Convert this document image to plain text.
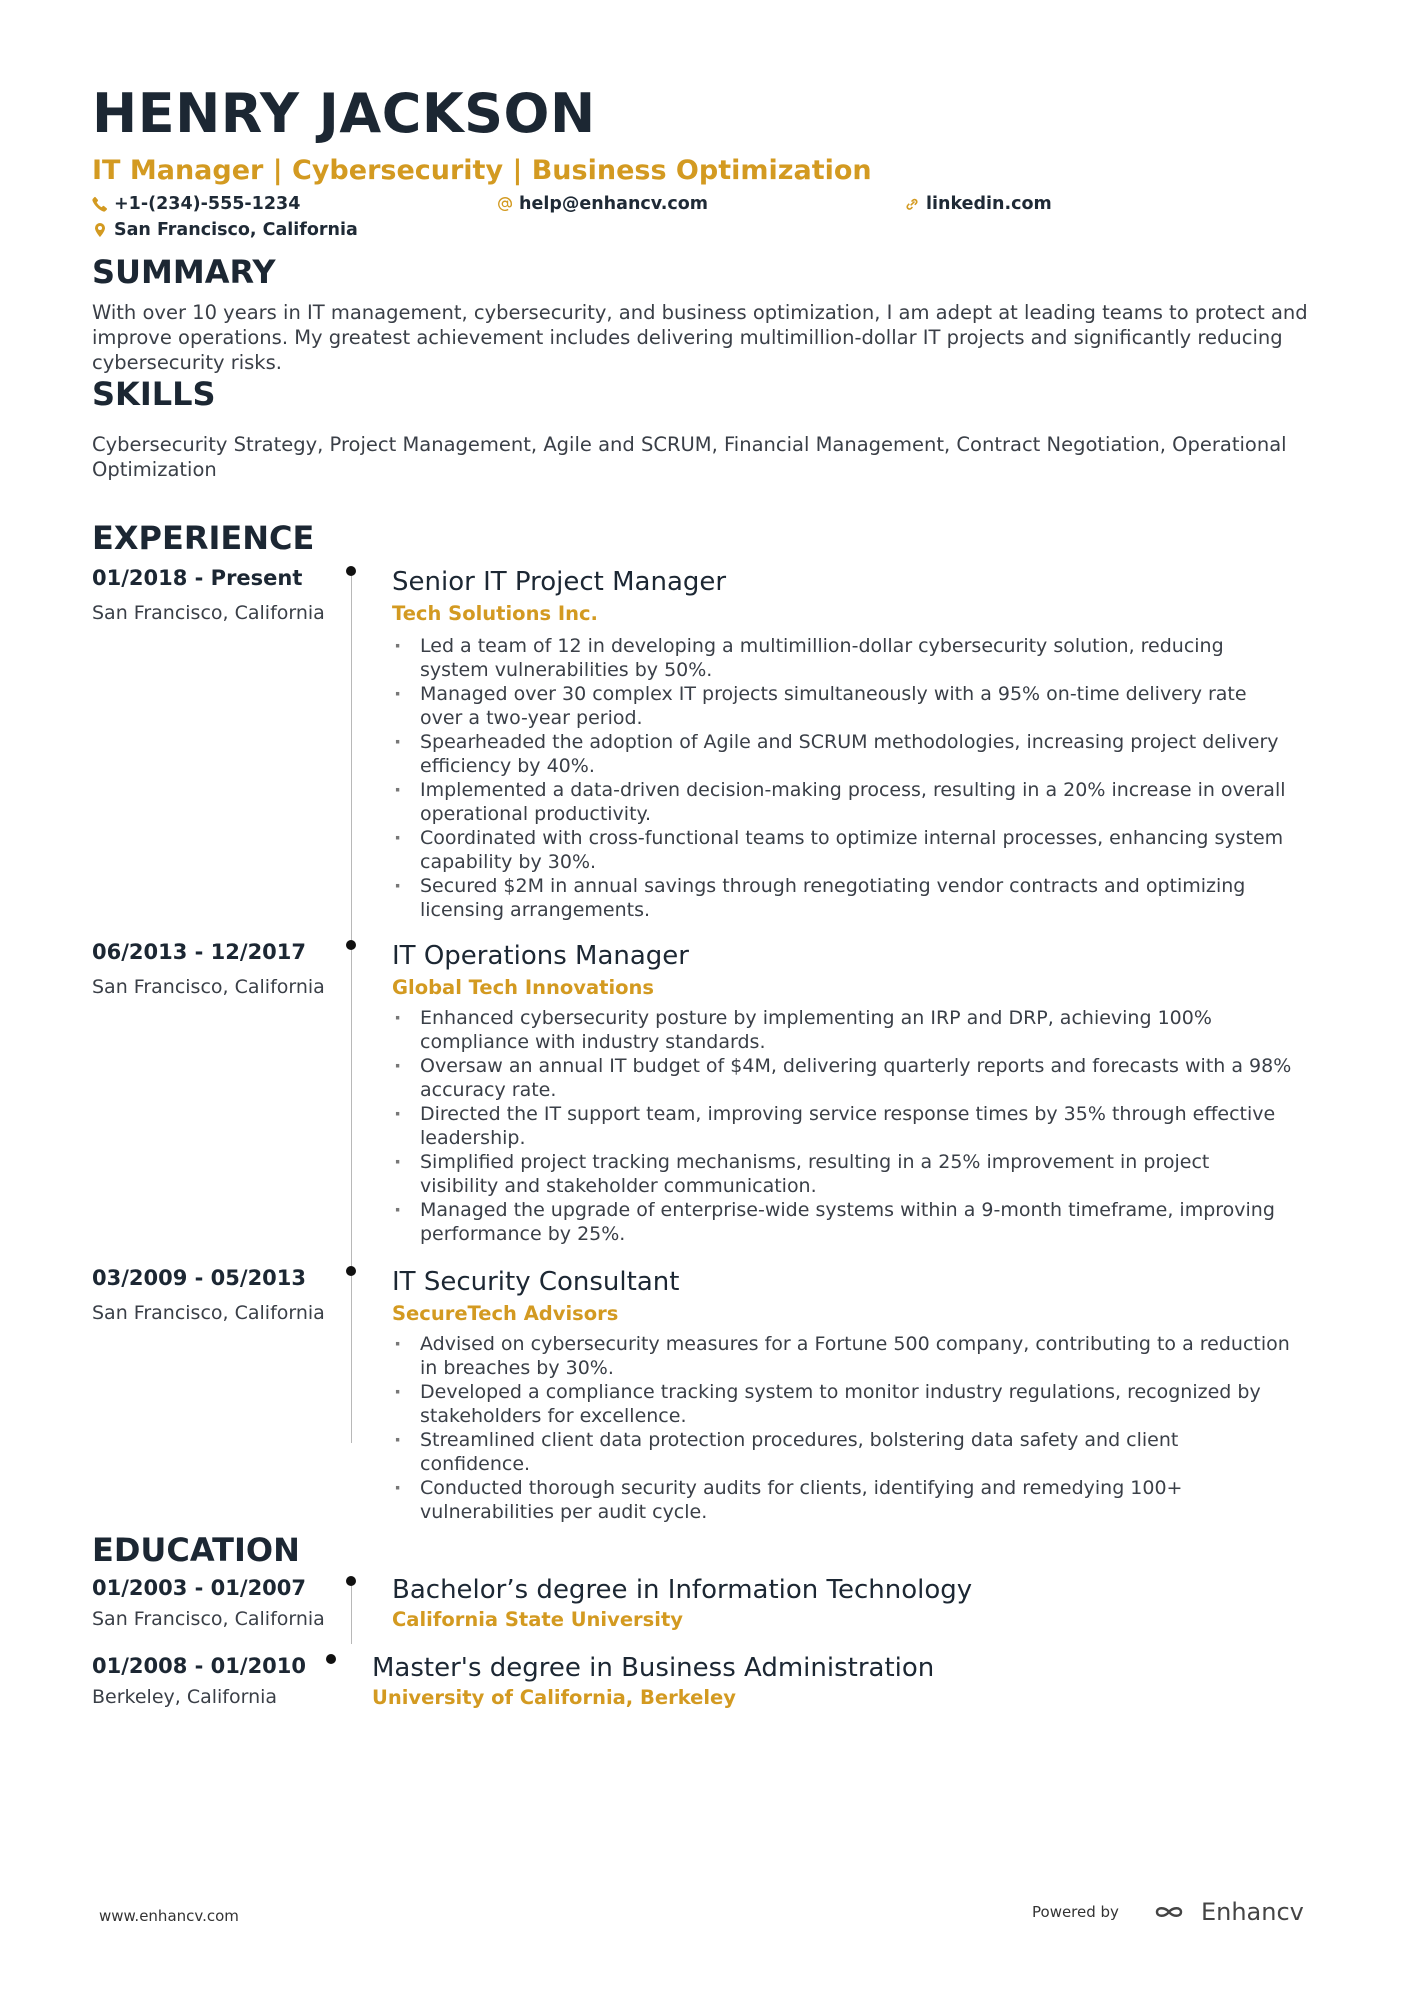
HENRY JACKSON
IT Manager | Cybersecurity | Business Optimization
+1-(234)-555-1234	help@enhancv.com	linkedin.com
San Francisco, California
SUMMARY
With over 10 years in IT management, cybersecurity, and business optimization, I am adept at leading teams to protect and improve operations. My greatest achievement includes delivering multimillion-dollar IT projects and significantly reducing cybersecurity risks.
SKILLS
Cybersecurity Strategy, Project Management, Agile and SCRUM, Financial Management, Contract Negotiation, Operational Optimization
EXPERIENCE
01/2018 - Present
San Francisco, California
Senior IT Project Manager
Tech Solutions Inc.
· Led a team of 12 in developing a multimillion-dollar cybersecurity solution, reducing system vulnerabilities by 50%.
· Managed over 30 complex IT projects simultaneously with a 95% on-time delivery rate over a two-year period.
· Spearheaded the adoption of Agile and SCRUM methodologies, increasing project delivery efficiency by 40%.
· Implemented a data-driven decision-making process, resulting in a 20% increase in overall operational productivity.
· Coordinated with cross-functional teams to optimize internal processes, enhancing system capability by 30%.
· Secured $2M in annual savings through renegotiating vendor contracts and optimizing licensing arrangements.
06/2013 - 12/2017
San Francisco, California
IT Operations Manager
Global Tech Innovations
· Enhanced cybersecurity posture by implementing an IRP and DRP, achieving 100% compliance with industry standards.
· Oversaw an annual IT budget of $4M, delivering quarterly reports and forecasts with a 98% accuracy rate.
· Directed the IT support team, improving service response times by 35% through effective leadership.
· Simplified project tracking mechanisms, resulting in a 25% improvement in project visibility and stakeholder communication.
· Managed the upgrade of enterprise-wide systems within a 9-month timeframe, improving performance by 25%.
03/2009 - 05/2013
San Francisco, California
IT Security Consultant
SecureTech Advisors
· Advised on cybersecurity measures for a Fortune 500 company, contributing to a reduction in breaches by 30%.
· Developed a compliance tracking system to monitor industry regulations, recognized by stakeholders for excellence.
· Streamlined client data protection procedures, bolstering data safety and client confidence.
· Conducted thorough security audits for clients, identifying and remedying 100+ vulnerabilities per audit cycle.
EDUCATION
01/2003 - 01/2007
San Francisco, California
Bachelor’s degree in Information Technology
California State University
01/2008 - 01/2010
Berkeley, California
Master's degree in Business Administration
University of California, Berkeley
www.enhancv.com	Powered by	Enhancv
